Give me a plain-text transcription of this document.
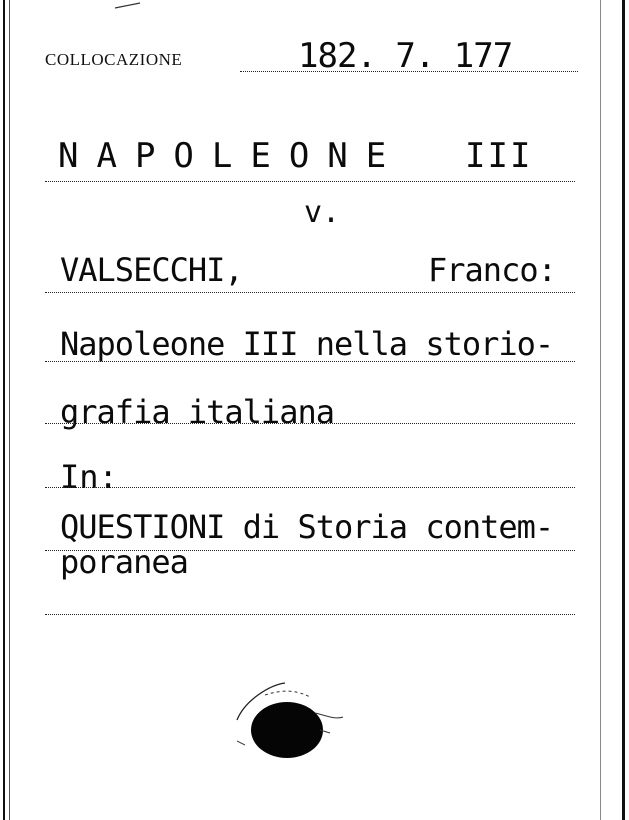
COLLOCAZIONE	182. 7. 177
NAPOLEONE III
v.
VALSECCHI,	Franco:
Napoleone III nella storio-
grafia italiana
In:
QUESTIONI di Storia contem-
poranea
